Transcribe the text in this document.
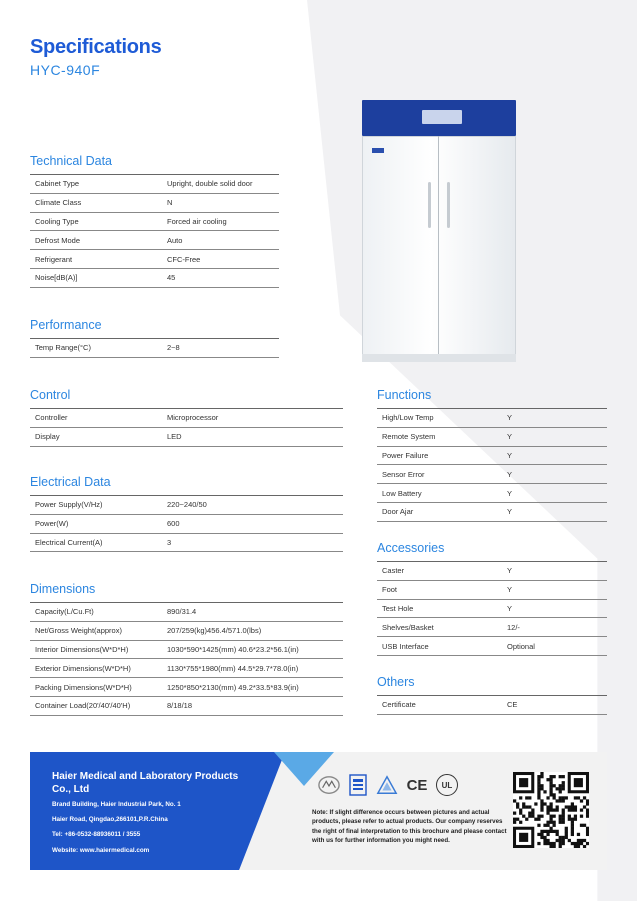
Specifications
HYC-940F
Technical Data
Cabinet Type	Upright, double solid door
Climate Class	N
Cooling Type	Forced air cooling
Defrost Mode	Auto
Refrigerant	CFC-Free
Noise[dB(A)]	45
Performance
Temp Range(°C)	2~8
Control
Controller	Microprocessor
Display	LED
Electrical Data
Power Supply(V/Hz)	220~240/50
Power(W)	600
Electrical Current(A)	3
Dimensions
Capacity(L/Cu.Ft)	890/31.4
Net/Gross Weight(approx)	207/259(kg)456.4/571.0(lbs)
Interior Dimensions(W*D*H)	1030*590*1425(mm) 40.6*23.2*56.1(in)
Exterior Dimensions(W*D*H)	1130*755*1980(mm) 44.5*29.7*78.0(in)
Packing Dimensions(W*D*H)	1250*850*2130(mm) 49.2*33.5*83.9(in)
Container Load(20'/40'/40'H)	8/18/18
Functions
High/Low Temp	Y
Remote System	Y
Power Failure	Y
Sensor Error	Y
Low Battery	Y
Door Ajar	Y
Accessories
Caster	Y
Foot	Y
Test Hole	Y
Shelves/Basket	12/-
USB Interface	Optional
Others
Certificate	CE
Haier Medical and Laboratory Products Co., Ltd
Brand Building, Haier Industrial Park, No. 1
Haier Road, Qingdao,266101,P.R.China
Tel: +86-0532-88936011 / 3555
Website: www.haiermedical.com
CE UL
Note: If slight difference occurs between pictures and actual products, please refer to actual products. Our company reserves the right of final interpretation to this brochure and please contact with us for further information you might need.
